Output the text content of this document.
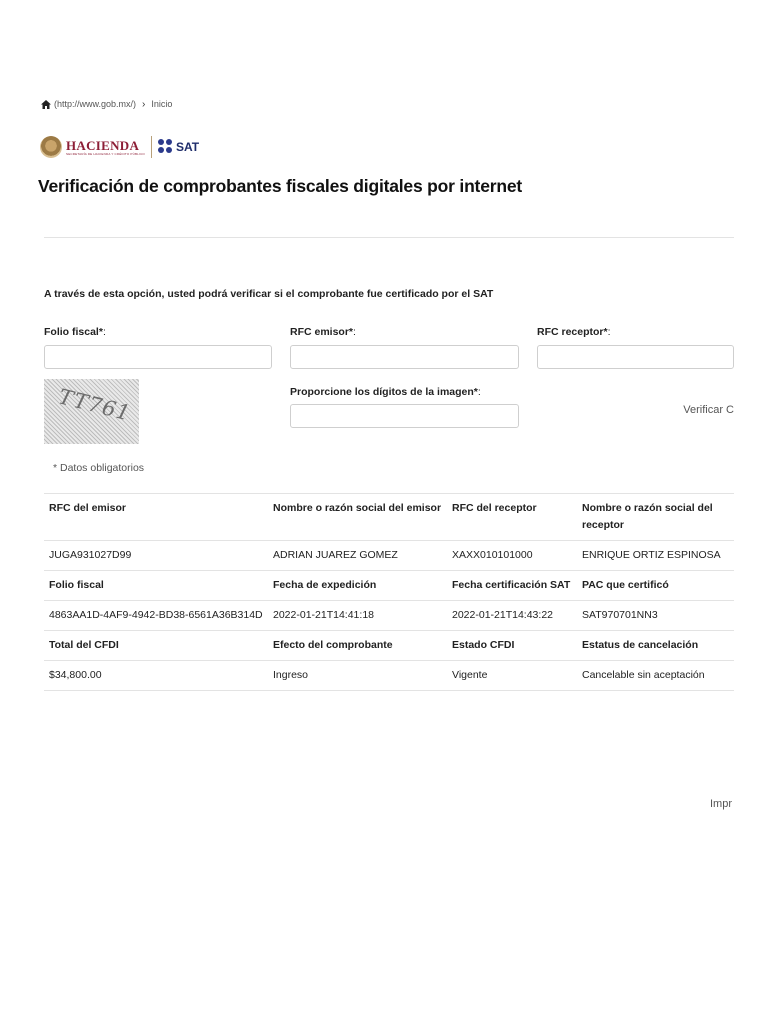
(http://www.gob.mx/) › Inicio
HACIENDA
SECRETARÍA DE HACIENDA Y CRÉDITO PÚBLICO	SAT
Verificación de comprobantes fiscales digitales por internet
A través de esta opción, usted podrá verificar si el comprobante fue certificado por el SAT
Folio fiscal*:	RFC emisor*:	RFC receptor*:
TT761	Proporcione los dígitos de la imagen*:
Verificar C
* Datos obligatorios
RFC del emisor	Nombre o razón social del emisor	RFC del receptor	Nombre o razón social del receptor
JUGA931027D99	ADRIAN JUAREZ GOMEZ	XAXX010101000	ENRIQUE ORTIZ ESPINOSA
Folio fiscal	Fecha de expedición	Fecha certificación SAT	PAC que certificó
4863AA1D-4AF9-4942-BD38-6561A36B314D 2022-01-21T14:41:18	2022-01-21T14:43:22	SAT970701NN3
Total del CFDI	Efecto del comprobante	Estado CFDI	Estatus de cancelación
$34,800.00	Ingreso	Vigente	Cancelable sin aceptación
Impr
